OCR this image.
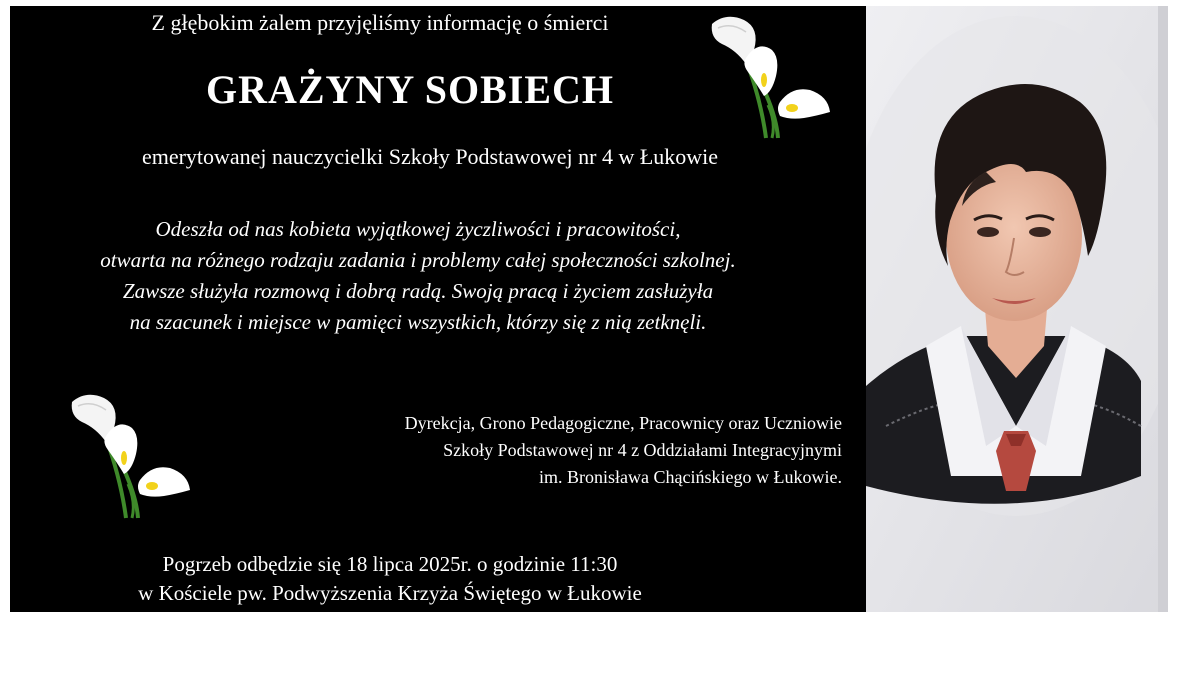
Z głębokim żalem przyjęliśmy informację o śmierci
GRAŻYNY SOBIECH
emerytowanej nauczycielki Szkoły Podstawowej nr 4 w Łukowie
Odeszła od nas kobieta wyjątkowej życzliwości i pracowitości,
otwarta na różnego rodzaju zadania i problemy całej społeczności szkolnej.
Zawsze służyła rozmową i dobrą radą. Swoją pracą i życiem zasłużyła
na szacunek i miejsce w pamięci wszystkich, którzy się z nią zetknęli.
Dyrekcja, Grono Pedagogiczne, Pracownicy oraz Uczniowie
Szkoły Podstawowej nr 4 z Oddziałami Integracyjnymi
im. Bronisława Chącińskiego w Łukowie.
Pogrzeb odbędzie się 18 lipca 2025r. o godzinie 11:30
w Kościele pw. Podwyższenia Krzyża Świętego w Łukowie
